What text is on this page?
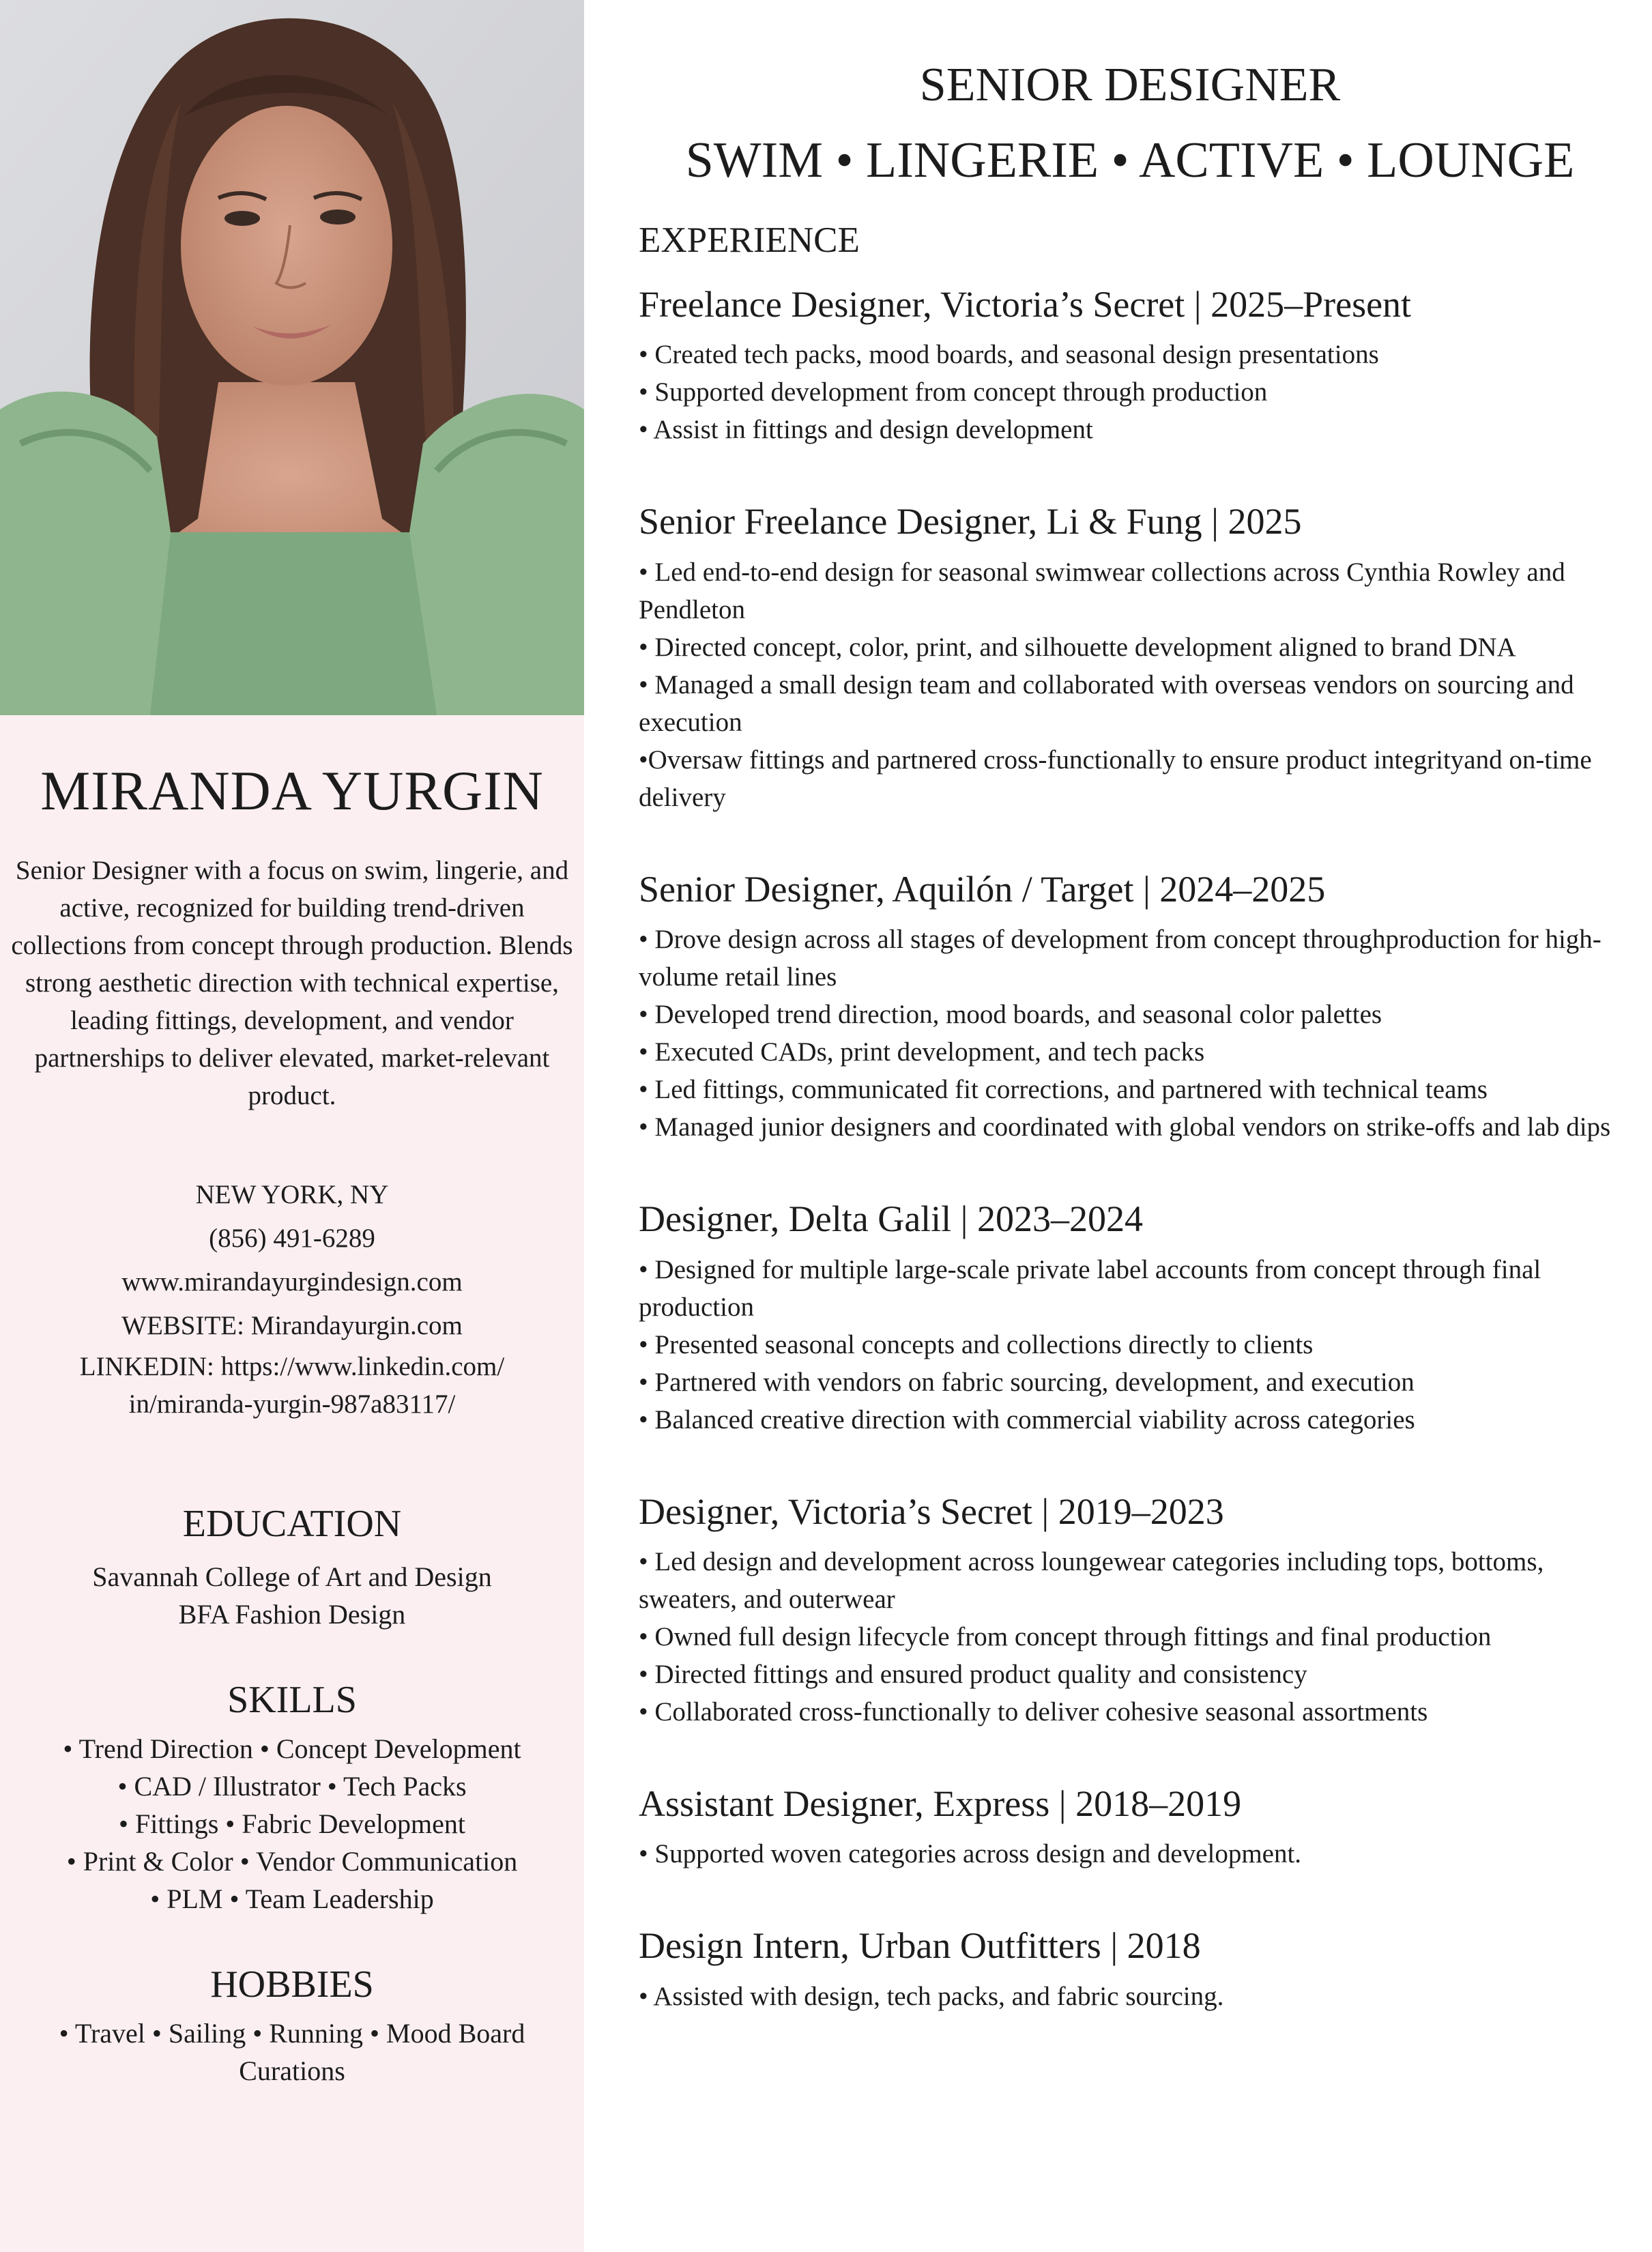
MIRANDA YURGIN
Senior Designer with a focus on swim, lingerie, and active, recognized for building trend-driven collections from concept through production. Blends strong aesthetic direction with technical expertise, leading fittings, development, and vendor partnerships to deliver elevated, market-relevant product.
NEW YORK, NY
(856) 491-6289
www.mirandayurgindesign.com
WEBSITE: Mirandayurgin.com
LINKEDIN: https://www.linkedin.com/
in/miranda-yurgin-987a83117/
EDUCATION
Savannah College of Art and Design
BFA Fashion Design
SKILLS
• Trend Direction • Concept Development
• CAD / Illustrator • Tech Packs
• Fittings • Fabric Development
• Print & Color • Vendor Communication
• PLM • Team Leadership
HOBBIES
• Travel • Sailing • Running • Mood Board
Curations
SENIOR DESIGNER
SWIM • LINGERIE • ACTIVE • LOUNGE
EXPERIENCE
Freelance Designer, Victoria’s Secret | 2025–Present
• Created tech packs, mood boards, and seasonal design presentations
• Supported development from concept through production
• Assist in fittings and design development
Senior Freelance Designer, Li & Fung | 2025
• Led end-to-end design for seasonal swimwear collections across Cynthia Rowley and Pendleton
• Directed concept, color, print, and silhouette development aligned to brand DNA
• Managed a small design team and collaborated with overseas vendors on sourcing and execution
•Oversaw fittings and partnered cross-functionally to ensure product integrityand on-time delivery
Senior Designer, Aquilón / Target | 2024–2025
• Drove design across all stages of development from concept throughproduction for high-volume retail lines
• Developed trend direction, mood boards, and seasonal color palettes
• Executed CADs, print development, and tech packs
• Led fittings, communicated fit corrections, and partnered with technical teams
• Managed junior designers and coordinated with global vendors on strike-offs and lab dips
Designer, Delta Galil | 2023–2024
• Designed for multiple large-scale private label accounts from concept through final production
• Presented seasonal concepts and collections directly to clients
• Partnered with vendors on fabric sourcing, development, and execution
• Balanced creative direction with commercial viability across categories
Designer, Victoria’s Secret | 2019–2023
• Led design and development across loungewear categories including tops, bottoms, sweaters, and outerwear
• Owned full design lifecycle from concept through fittings and final production
• Directed fittings and ensured product quality and consistency
• Collaborated cross-functionally to deliver cohesive seasonal assortments
Assistant Designer, Express | 2018–2019
• Supported woven categories across design and development.
Design Intern, Urban Outfitters | 2018
• Assisted with design, tech packs, and fabric sourcing.
